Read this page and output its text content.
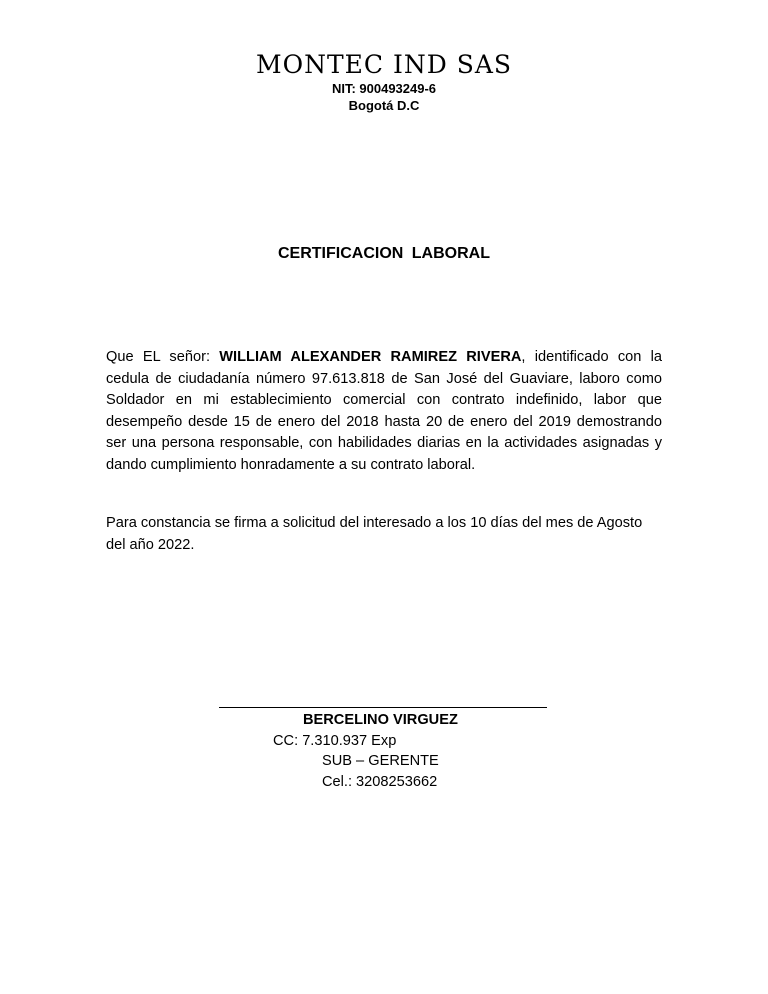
MONTEC IND SAS
NIT: 900493249-6
Bogotá D.C
CERTIFICACION LABORAL
Que EL señor: WILLIAM ALEXANDER RAMIREZ RIVERA, identificado con la cedula de ciudadanía número 97.613.818 de San José del Guaviare, laboro como Soldador en mi establecimiento comercial con contrato indefinido, labor que desempeño desde 15 de enero del 2018 hasta 20 de enero del 2019 demostrando ser una persona responsable, con habilidades diarias en la actividades asignadas y dando cumplimiento honradamente a su contrato laboral.
Para constancia se firma a solicitud del interesado a los 10 días del mes de Agosto del año 2022.
BERCELINO VIRGUEZ
CC: 7.310.937 Exp
SUB – GERENTE
Cel.: 3208253662
